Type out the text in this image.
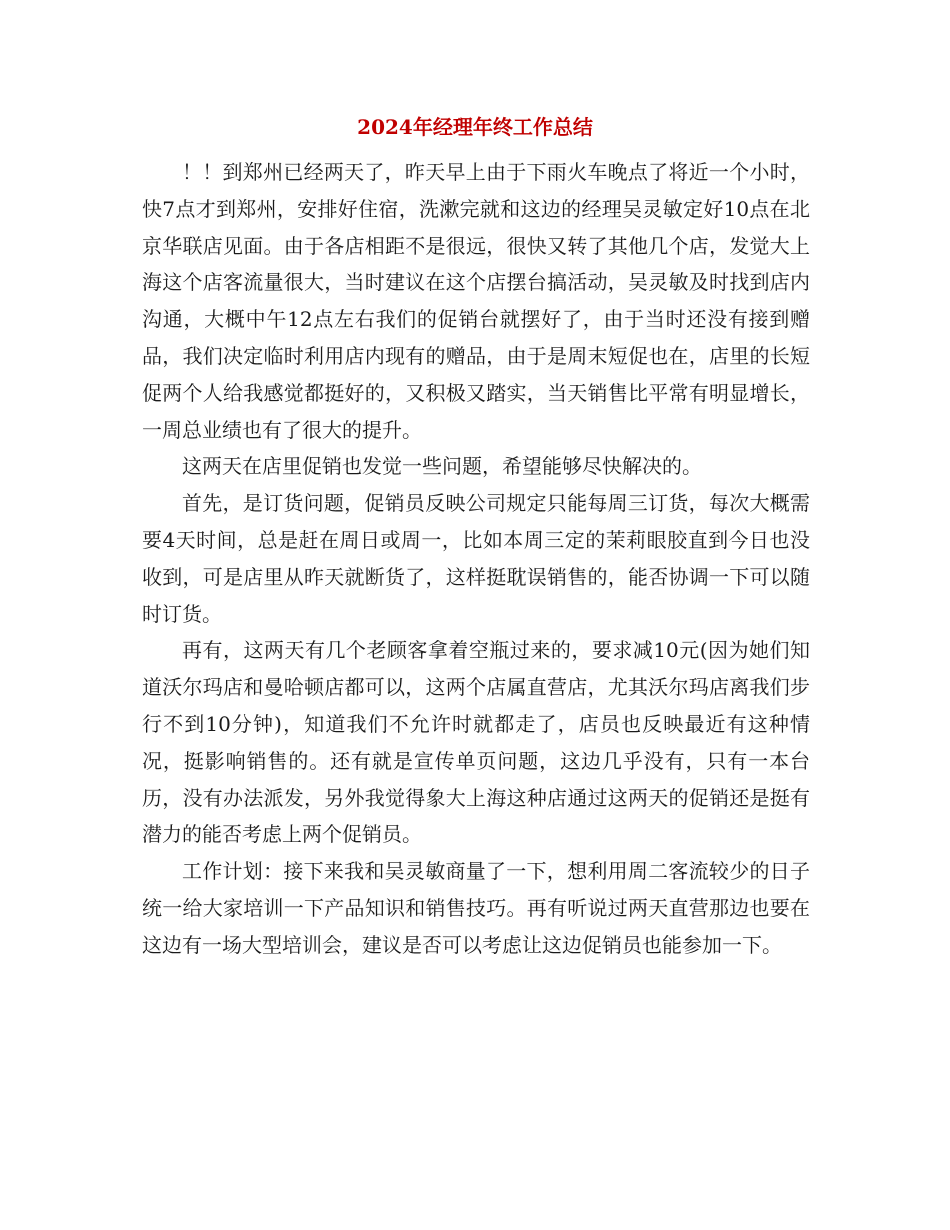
2024年经理年终工作总结

！！到郑州已经两天了，昨天早上由于下雨火车晚点了将近一个小时，快7点才到郑州，安排好住宿，洗漱完就和这边的经理吴灵敏定好10点在北京华联店见面。由于各店相距不是很远，很快又转了其他几个店，发觉大上海这个店客流量很大，当时建议在这个店摆台搞活动，吴灵敏及时找到店内沟通，大概中午12点左右我们的促销台就摆好了，由于当时还没有接到赠品，我们决定临时利用店内现有的赠品，由于是周末短促也在，店里的长短促两个人给我感觉都挺好的，又积极又踏实，当天销售比平常有明显增长，一周总业绩也有了很大的提升。

这两天在店里促销也发觉一些问题，希望能够尽快解决的。

首先，是订货问题，促销员反映公司规定只能每周三订货，每次大概需要4天时间，总是赶在周日或周一，比如本周三定的茉莉眼胶直到今日也没收到，可是店里从昨天就断货了，这样挺耽误销售的，能否协调一下可以随时订货。

再有，这两天有几个老顾客拿着空瓶过来的，要求减10元(因为她们知道沃尔玛店和曼哈顿店都可以，这两个店属直营店，尤其沃尔玛店离我们步行不到10分钟)，知道我们不允许时就都走了，店员也反映最近有这种情况，挺影响销售的。还有就是宣传单页问题，这边几乎没有，只有一本台历，没有办法派发，另外我觉得象大上海这种店通过这两天的促销还是挺有潜力的能否考虑上两个促销员。

工作计划：接下来我和吴灵敏商量了一下，想利用周二客流较少的日子统一给大家培训一下产品知识和销售技巧。再有听说过两天直营那边也要在这边有一场大型培训会，建议是否可以考虑让这边促销员也能参加一下。
